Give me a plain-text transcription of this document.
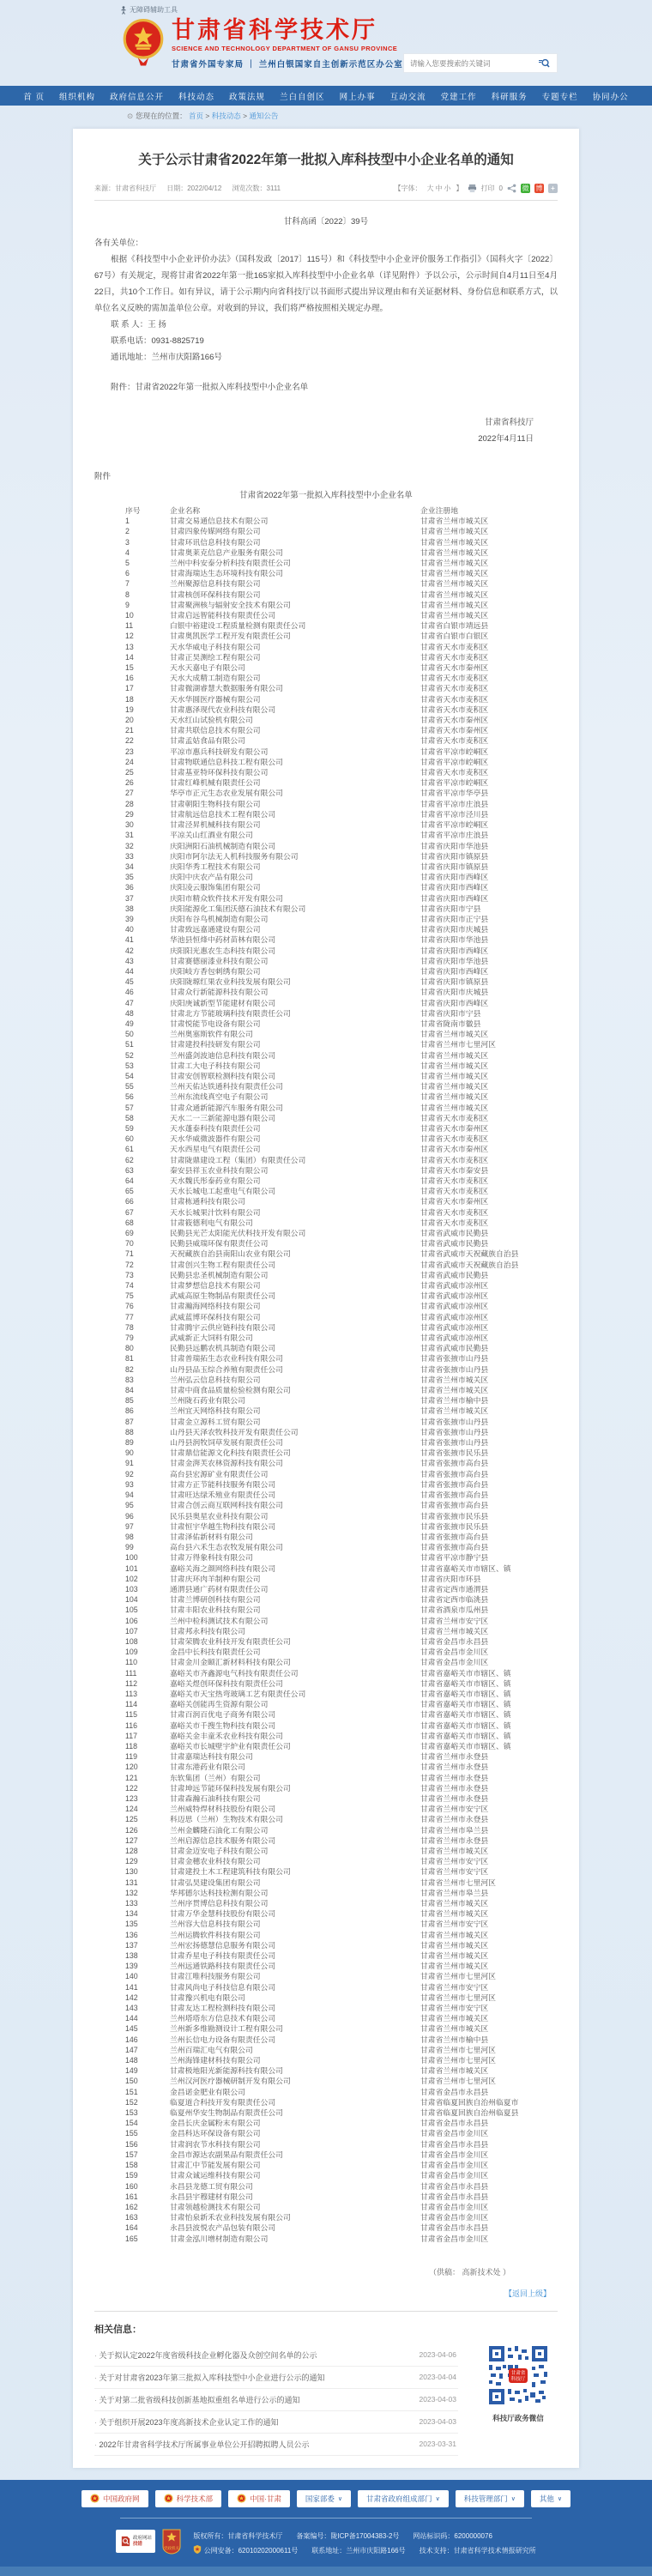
无障碍辅助工具
甘肃省科学技术厅
SCIENCE AND TECHNOLOGY DEPARTMENT OF GANSU PROVINCE
甘肃省外国专家局 ｜ 兰州白银国家自主创新示范区办公室
请输入您要搜索的关键词
首 页 组织机构 政府信息公开 科技动态 政策法规 兰白自创区 网上办事 互动交流 党建工作 科研服务 专题专栏 协同办公
⊙ 您现在的位置： 首页 > 科技动态 > 通知公告
关于公示甘肃省2022年第一批拟入库科技型中小企业名单的通知
来源：甘肃省科技厅 日期：2022/04/12 浏览次数：3111	【字体： 大 中 小 】	打印 0	微 博	+
甘科高函〔2022〕39号

各有关单位：

根据《科技型中小企业评价办法》（国科发政〔2017〕115号）和《科技型中小企业评价服务工作指引》（国科火字〔2022〕67号）有关规定，现将甘肃省2022年第一批165家拟入库科技型中小企业名单（详见附件）予以公示，公示时间自4月11日至4月22日，共10个工作日。如有异议，请于公示期内向省科技厅以书面形式提出异议理由和有关证据材料、身份信息和联系方式，以单位名义反映的需加盖单位公章。对收到的异议，我们将严格按照相关规定办理。

联 系 人：王 扬

联系电话：0931-8825719

通讯地址：兰州市庆阳路166号

附件：甘肃省2022年第一批拟入库科技型中小企业名单

甘肃省科技厅
2022年4月11日
附件
甘肃省2022年第一批拟入库科技型中小企业名单
序号	企业名称	企业注册地
1	甘肃交易通信息技术有限公司	甘肃省兰州市城关区
2	甘肃四象传媒网络有限公司	甘肃省兰州市城关区
3	甘肃环讯信息科技有限公司	甘肃省兰州市城关区
4	甘肃奥莱克信息产业服务有限公司	甘肃省兰州市城关区
5	兰州中科安泰分析科技有限责任公司	甘肃省兰州市城关区
6	甘肃海瑞达生态环境科技有限公司	甘肃省兰州市城关区
7	兰州聚源信息科技有限公司	甘肃省兰州市城关区
8	甘肃核创环保科技有限公司	甘肃省兰州市城关区
9	甘肃聚洲核与辐射安全技术有限公司	甘肃省兰州市城关区
10	甘肃启远智能科技有限责任公司	甘肃省兰州市城关区
11	白银中裕建设工程质量检测有限责任公司	甘肃省白银市靖远县
12	甘肃奥凯医学工程开发有限责任公司	甘肃省白银市白银区
13	天水华威电子科技有限公司	甘肃省天水市麦积区
14	甘肃正昊测绘工程有限公司	甘肃省天水市麦积区
15	天水天嘉电子有限公司	甘肃省天水市秦州区
16	天水大成精工制造有限公司	甘肃省天水市麦积区
17	甘肃微湖睿慧大数据服务有限公司	甘肃省天水市麦积区
18	天水华圆医疗器械有限公司	甘肃省天水市麦积区
19	甘肃惠泽现代农业科技有限公司	甘肃省天水市麦积区
20	天水红山试验机有限公司	甘肃省天水市秦州区
21	甘肃共联信息技术有限公司	甘肃省天水市秦州区
22	甘肃孟姑食品有限公司	甘肃省天水市麦积区
23	平凉市惠兵科技研发有限公司	甘肃省平凉市崆峒区
24	甘肃物联通信息科技工程有限公司	甘肃省平凉市崆峒区
25	甘肃基亚特环保科技有限公司	甘肃省天水市麦积区
26	甘肃红峰机械有限责任公司	甘肃省平凉市崆峒区
27	华亭市正元生态农业发展有限公司	甘肃省平凉市华亭县
28	甘肃朝阳生物科技有限公司	甘肃省平凉市庄浪县
29	甘肃航远信息技术工程有限公司	甘肃省平凉市泾川县
30	甘肃泾昇机械科技有限公司	甘肃省平凉市崆峒区
31	平凉关山红酒业有限公司	甘肃省平凉市庄浪县
32	庆阳洲阳石油机械制造有限公司	甘肃省庆阳市华池县
33	庆阳市阿尔法无人机科技服务有限公司	甘肃省庆阳市镇原县
34	庆阳华秀工程技术有限公司	甘肃省庆阳市镇原县
35	庆阳中庆农产品有限公司	甘肃省庆阳市西峰区
36	庆阳凌云服饰集团有限公司	甘肃省庆阳市西峰区
37	庆阳市精众软件技术开发有限公司	甘肃省庆阳市西峰区
38	庆阳能源化工集团沃德石油技术有限公司	甘肃省庆阳市宁县
39	庆阳布谷鸟机械制造有限公司	甘肃省庆阳市正宁县
40	甘肃致远嘉通建设有限公司	甘肃省庆阳市庆城县
41	华池县恒烽中药材苗林有限公司	甘肃省庆阳市华池县
42	庆阳阳光惠农生态科技有限公司	甘肃省庆阳市西峰区
43	甘肃赛德丽漆业科技有限公司	甘肃省庆阳市华池县
44	庆阳岐方香包刺绣有限公司	甘肃省庆阳市西峰区
45	庆阳陇塬红果农业科技发展有限公司	甘肃省庆阳市镇原县
46	甘肃众行新能源科技有限公司	甘肃省庆阳市庆城县
47	庆阳庚诚新型节能建材有限公司	甘肃省庆阳市西峰区
48	甘肃北方节能玻璃科技有限责任公司	甘肃省庆阳市宁县
49	甘肃悦能节电设备有限公司	甘肃省陇南市徽县
50	兰州奥塞斯软件有限公司	甘肃省兰州市城关区
51	甘肃建投科技研发有限公司	甘肃省兰州市七里河区
52	兰州盛剑波迪信息科技有限公司	甘肃省兰州市城关区
53	甘肃工大电子科技有限公司	甘肃省兰州市城关区
54	甘肃安创智联检测科技有限公司	甘肃省兰州市城关区
55	兰州天佑达铁通科技有限责任公司	甘肃省兰州市城关区
56	兰州东流线真空电子有限公司	甘肃省兰州市城关区
57	甘肃众通新能源汽车服务有限公司	甘肃省兰州市城关区
58	天水二一三新能源电器有限公司	甘肃省天水市麦积区
59	天水蓬泰科技有限责任公司	甘肃省天水市秦州区
60	天水华威微波器件有限公司	甘肃省天水市麦积区
61	天水西星电气有限责任公司	甘肃省天水市秦州区
62	甘肃陇鼎建设工程（集团）有限责任公司	甘肃省天水市麦积区
63	秦安县祥玉农业科技有限公司	甘肃省天水市秦安县
64	天水魏氏彤泰药业有限公司	甘肃省天水市麦积区
65	天水长城电工起重电气有限公司	甘肃省天水市麦积区
66	甘肃栋通科技有限公司	甘肃省天水市秦州区
67	天水长城果汁饮料有限公司	甘肃省天水市麦积区
68	甘肃筱德利电气有限公司	甘肃省天水市麦积区
69	民勤县光芒太阳能光伏科技开发有限公司	甘肃省武威市民勤县
70	民勤县威瑞环保有限责任公司	甘肃省武威市民勤县
71	天祝藏族自治县南阳山农业有限公司	甘肃省武威市天祝藏族自治县
72	甘肃创兴生物工程有限责任公司	甘肃省武威市天祝藏族自治县
73	民勤县忠圣机械制造有限公司	甘肃省武威市民勤县
74	甘肃梦想信息技术有限公司	甘肃省武威市凉州区
75	武威高原生物制品有限责任公司	甘肃省武威市凉州区
76	甘肃瀚海网络科技有限公司	甘肃省武威市凉州区
77	武威蓝博环保科技有限公司	甘肃省武威市凉州区
78	甘肃腾宇云供应链科技有限公司	甘肃省武威市凉州区
79	武威新正大饲料有限公司	甘肃省武威市凉州区
80	民勤县远鹏农机具制造有限公司	甘肃省武威市民勤县
81	甘肃普瑞拓生态农业科技有限公司	甘肃省张掖市山丹县
82	山丹县品玉综合养殖有限责任公司	甘肃省张掖市山丹县
83	兰州弘云信息科技有限公司	甘肃省兰州市城关区
84	甘肃中商食品质量检验检测有限公司	甘肃省兰州市城关区
85	兰州陇石药业有限公司	甘肃省兰州市榆中县
86	兰州宜天网络科技有限公司	甘肃省兰州市城关区
87	甘肃金立源科工贸有限公司	甘肃省张掖市山丹县
88	山丹县天泽农牧科技开发有限责任公司	甘肃省张掖市山丹县
89	山丹县润牧饲草发展有限责任公司	甘肃省张掖市山丹县
90	甘肃鼎信能源文化科技有限责任公司	甘肃省张掖市民乐县
91	甘肃金湃芙农林资源科技有限公司	甘肃省张掖市高台县
92	高台县宏源矿业有限责任公司	甘肃省张掖市高台县
93	甘肃方正节能科技服务有限公司	甘肃省张掖市高台县
94	甘肃旺达绿禾殖业有限责任公司	甘肃省张掖市高台县
95	甘肃合创云商互联网科技有限公司	甘肃省张掖市高台县
96	民乐县奥星农业科技有限公司	甘肃省张掖市民乐县
97	甘肃恒宇华越生物科技有限公司	甘肃省张掖市民乐县
98	甘肃泽佑新材料有限公司	甘肃省张掖市高台县
99	高台县六禾生态农牧发展有限公司	甘肃省张掖市高台县
100	甘肃万得象科技有限公司	甘肃省平凉市静宁县
101	嘉峪关海之颜网络科技有限公司	甘肃省嘉峪关市市辖区、镇
102	甘肃庆环肉羊制种有限公司	甘肃省庆阳市环县
103	通渭县通广药材有限责任公司	甘肃省定西市通渭县
104	甘肃兰博研创科技有限公司	甘肃省定西市临洮县
105	甘肃丰阳农业科技有限公司	甘肃省酒泉市瓜州县
106	兰州中检科测试技术有限公司	甘肃省兰州市安宁区
107	甘肃邦永科技有限公司	甘肃省兰州市城关区
108	甘肃荣腾农业科技开发有限责任公司	甘肃省金昌市永昌县
109	金昌中长科技有限责任公司	甘肃省金昌市金川区
110	甘肃金川金颐汇新材料科技有限公司	甘肃省金昌市金川区
111	嘉峪关市齐鑫源电气科技有限责任公司	甘肃省嘉峪关市市辖区、镇
112	嘉峪关煜创环保科技有限责任公司	甘肃省嘉峪关市市辖区、镇
113	嘉峪关市天宝热弯玻璃工艺有限责任公司	甘肃省嘉峪关市市辖区、镇
114	嘉峪关创能再生资源有限公司	甘肃省嘉峪关市市辖区、镇
115	甘肃百润百优电子商务有限公司	甘肃省嘉峪关市市辖区、镇
116	嘉峪关市千搜生物科技有限公司	甘肃省嘉峪关市市辖区、镇
117	嘉峪关金丰童禾农业科技有限公司	甘肃省嘉峪关市市辖区、镇
118	嘉峪关市长城壁宇炉业有限责任公司	甘肃省嘉峪关市市辖区、镇
119	甘肃嘉瑞达科技有限公司	甘肃省兰州市永登县
120	甘肃东港药业有限公司	甘肃省兰州市永登县
121	东软集团（兰州）有限公司	甘肃省兰州市永登县
122	甘肃坤远节能环保科技发展有限公司	甘肃省兰州市永登县
123	甘肃森瀚石油科技有限公司	甘肃省兰州市永登县
124	兰州威特焊材科技股份有限公司	甘肃省兰州市安宁区
125	科迈思（兰州）生物技术有限公司	甘肃省兰州市永登县
126	兰州金麟隆石油化工有限公司	甘肃省兰州市皋兰县
127	兰州启源信息技术服务有限公司	甘肃省兰州市永登县
128	甘肃金迈安电子科技有限公司	甘肃省兰州市城关区
129	甘肃金穗农业科技有限公司	甘肃省兰州市安宁区
130	甘肃建投土木工程建筑科技有限公司	甘肃省兰州市安宁区
131	甘肃弘昊建设集团有限公司	甘肃省兰州市七里河区
132	华邦德尔达科技检测有限公司	甘肃省兰州市皋兰县
133	兰州序贯博信息科技有限公司	甘肃省兰州市城关区
134	甘肃万华金慧科技股份有限公司	甘肃省兰州市城关区
135	兰州容大信息科技有限公司	甘肃省兰州市安宁区
136	兰州运腾软件科技有限公司	甘肃省兰州市城关区
137	兰州宏扬德慧信息服务有限公司	甘肃省兰州市城关区
138	甘肃乔星电子科技有限责任公司	甘肃省兰州市城关区
139	兰州远通铁路科技有限责任公司	甘肃省兰州市城关区
140	甘肃江唯科技服务有限公司	甘肃省兰州市七里河区
141	甘肃风尚电子科技信息有限公司	甘肃省兰州市安宁区
142	甘肃豫兴机电有限公司	甘肃省兰州市七里河区
143	甘肃友达工程检测科技有限公司	甘肃省兰州市安宁区
144	兰州塔塔东方信息技术有限公司	甘肃省兰州市城关区
145	兰州新多维勘测设计工程有限公司	甘肃省兰州市城关区
146	兰州长信电力设备有限责任公司	甘肃省兰州市榆中县
147	兰州百瑞汇电气有限公司	甘肃省兰州市七里河区
148	兰州海锋建材科技有限公司	甘肃省兰州市七里河区
149	甘肃极地阳光新能源科技有限公司	甘肃省兰州市城关区
150	兰州汉河医疗器械研制开发有限公司	甘肃省兰州市七里河区
151	金昌诺金肥业有限公司	甘肃省金昌市永昌县
152	临夏道合科技开发有限责任公司	甘肃省临夏回族自治州临夏市
153	临夏州华安生物制品有限责任公司	甘肃省临夏回族自治州临夏县
154	金昌长庆金属粉末有限公司	甘肃省金昌市永昌县
155	金昌科达环保设备有限公司	甘肃省金昌市金川区
156	甘肃润农节水科技有限公司	甘肃省金昌市永昌县
157	金昌市源达农副果品有限责任公司	甘肃省金昌市金川区
158	甘肃汇中节能发展有限公司	甘肃省金昌市金川区
159	甘肃众诚运维科技有限公司	甘肃省金昌市金川区
160	永昌县龙德工贸有限公司	甘肃省金昌市永昌县
161	永昌县宇穆建材有限公司	甘肃省金昌市永昌县
162	甘肃领越检测技术有限公司	甘肃省金昌市金川区
163	甘肃怡泉新禾农业科技发展有限公司	甘肃省金昌市金川区
164	永昌县波悦农产品包装有限公司	甘肃省金昌市永昌县
165	甘肃金泓川增材制造有限公司	甘肃省金昌市金川区
（供稿： 高新技术处 ）
【返回上级】
相关信息：
· 关于拟认定2022年度省级科技企业孵化器及众创空间名单的公示	2023-04-06
· 关于对甘肃省2023年第三批拟入库科技型中小企业进行公示的通知	2023-04-04
· 关于对第二批省级科技创新基地拟重组名单进行公示的通知	2023-04-03
· 关于组织开展2023年度高新技术企业认定工作的通知	2023-04-03
· 2022年甘肃省科学技术厅所属事业单位公开招聘拟聘人员公示	2023-03-31
甘肃省
科技厅
科技厅政务微信
中国政府网	科学技术部	中国·甘肃	国家部委 ∨	甘肃省政府组成部门 ∨	科技管理部门 ∨	其他 ∨
政府网站
找错
党政机关
版权所有：甘肃省科学技术厅　　备案编号：陇ICP备17004383-2号　　网站标识码：6200000076
公网安备：62010202000611号　　联系地址：兰州市庆阳路166号　　技术支持：甘肃省科学技术情报研究所
